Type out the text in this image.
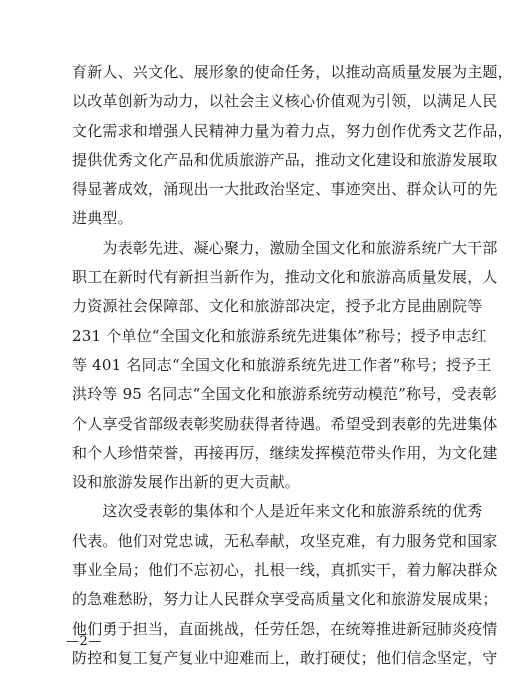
育新人、兴文化、展形象的使命任务，以推动高质量发展为主题，
以改革创新为动力，以社会主义核心价值观为引领，以满足人民
文化需求和增强人民精神力量为着力点，努力创作优秀文艺作品，
提供优秀文化产品和优质旅游产品，推动文化建设和旅游发展取
得显著成效，涌现出一大批政治坚定、事迹突出、群众认可的先
进典型。

　　为表彰先进、凝心聚力，激励全国文化和旅游系统广大干部
职工在新时代有新担当新作为，推动文化和旅游高质量发展，人
力资源社会保障部、文化和旅游部决定，授予北方昆曲剧院等
231 个单位“全国文化和旅游系统先进集体”称号；授予申志红
等 401 名同志“全国文化和旅游系统先进工作者”称号；授予王
洪玲等 95 名同志“全国文化和旅游系统劳动模范”称号，受表彰
个人享受省部级表彰奖励获得者待遇。希望受到表彰的先进集体
和个人珍惜荣誉，再接再厉，继续发挥模范带头作用，为文化建
设和旅游发展作出新的更大贡献。

　　这次受表彰的集体和个人是近年来文化和旅游系统的优秀
代表。他们对党忠诚，无私奉献，攻坚克难，有力服务党和国家
事业全局；他们不忘初心，扎根一线，真抓实干，着力解决群众
的急难愁盼，努力让人民群众享受高质量文化和旅游发展成果；
他们勇于担当，直面挑战，任劳任怨，在统筹推进新冠肺炎疫情
防控和复工复产复业中迎难而上，敢打硬仗；他们信念坚定，守

—2—
